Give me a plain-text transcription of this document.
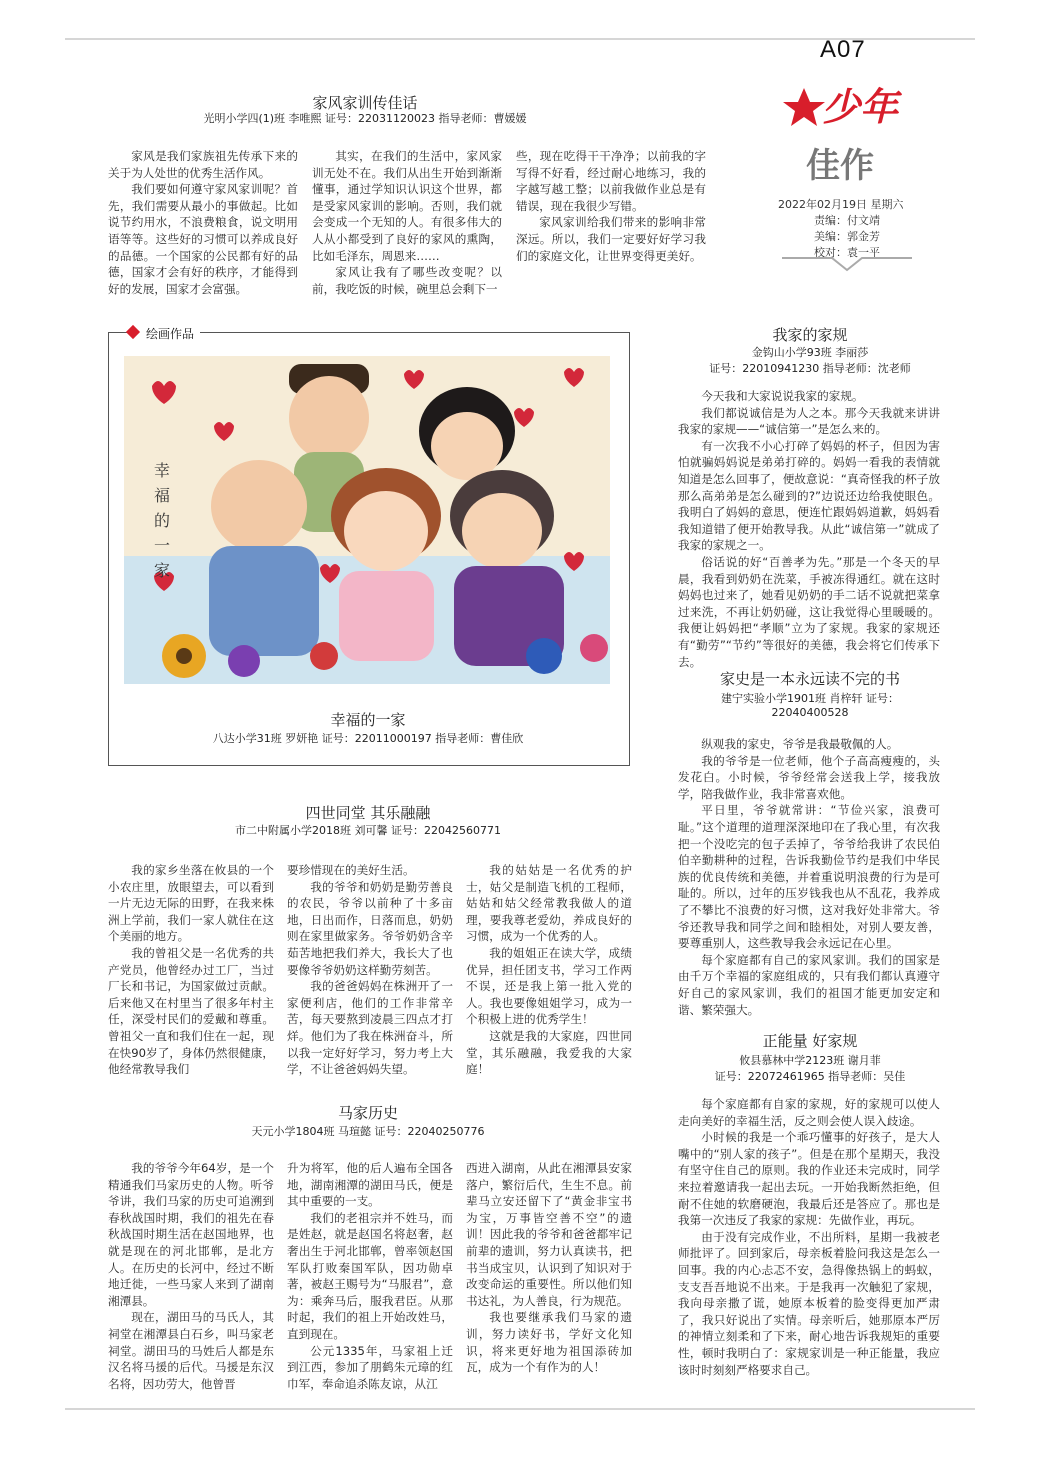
A07
少年
佳作
2022年02月19日 星期六
责编：付文靖
美编：郭金芳
校对：袁一平
家风家训传佳话
光明小学四(1)班 李唯熙 证号：22031120023 指导老师：曹媛媛

家风是我们家族祖先传承下来的关于为人处世的优秀生活作风。

我们要如何遵守家风家训呢？首先，我们需要从最小的事做起。比如说节约用水，不浪费粮食，说文明用语等等。这些好的习惯可以养成良好的品德。一个国家的公民都有好的品德，国家才会有好的秩序，才能得到好的发展，国家才会富强。

其实，在我们的生活中，家风家训无处不在。我们从出生开始到渐渐懂事，通过学知识认识这个世界，都是受家风家训的影响。否则，我们就会变成一个无知的人。有很多伟大的人从小都受到了良好的家风的熏陶，比如毛泽东，周恩来……

家风让我有了哪些改变呢？以前，我吃饭的时候，碗里总会剩下一

些，现在吃得干干净净；以前我的字写得不好看，经过耐心地练习，我的字越写越工整；以前我做作业总是有错误，现在我很少写错。

家风家训给我们带来的影响非常深远。所以，我们一定要好好学习我们的家庭文化，让世界变得更美好。

绘画作品
幸
福
的
一
家
幸福的一家
八达小学31班 罗妍艳 证号：22011000197 指导老师：曹佳欣
我家的家规
金钩山小学93班 李丽莎
证号：22010941230 指导老师：沈老师

今天我和大家说说我家的家规。

我们都说诚信是为人之本。那今天我就来讲讲我家的家规——“诚信第一”是怎么来的。

有一次我不小心打碎了妈妈的杯子，但因为害怕就骗妈妈说是弟弟打碎的。妈妈一看我的表情就知道是怎么回事了，便故意说：“真奇怪我的杯子放那么高弟弟是怎么碰到的?”边说还边给我使眼色。我明白了妈妈的意思，便连忙跟妈妈道歉，妈妈看我知道错了便开始教导我。从此“诚信第一”就成了我家的家规之一。

俗话说的好“百善孝为先。”那是一个冬天的早晨，我看到奶奶在洗菜，手被冻得通红。就在这时妈妈也过来了，她看见奶奶的手二话不说就把菜拿过来洗，不再让奶奶碰，这让我觉得心里暖暖的。我便让妈妈把“孝顺”立为了家规。我家的家规还有“勤劳”“节约”等很好的美德，我会将它们传承下去。

家史是一本永远读不完的书
建宁实验小学1901班 肖梓轩 证号：
22040400528

纵观我的家史，爷爷是我最敬佩的人。

我的爷爷是一位老师，他个子高高瘦瘦的，头发花白。小时候，爷爷经常会送我上学，接我放学，陪我做作业，我非常喜欢他。

平日里，爷爷就常讲：“节俭兴家，浪费可耻。”这个道理的道理深深地印在了我心里，有次我把一个没吃完的包子丢掉了，爷爷给我讲了农民伯伯辛勤耕种的过程，告诉我勤俭节约是我们中华民族的优良传统和美德，并着重说明浪费的行为是可耻的。所以，过年的压岁钱我也从不乱花，我养成了不攀比不浪费的好习惯，这对我好处非常大。爷爷还教导我和同学之间和睦相处，对别人要友善，要尊重别人，这些教导我会永远记在心里。

每个家庭都有自己的家风家训。我们的国家是由千万个幸福的家庭组成的，只有我们都认真遵守好自己的家风家训，我们的祖国才能更加安定和谐、繁荣强大。

正能量 好家规
攸县慕林中学2123班 谢月菲
证号：22072461965 指导老师：吴佳

每个家庭都有自家的家规，好的家规可以使人走向美好的幸福生活，反之则会使人误入歧途。

小时候的我是一个乖巧懂事的好孩子，是大人嘴中的“别人家的孩子”。但是在那个星期天，我没有坚守住自己的原则。我的作业还未完成时，同学来拉着邀请我一起出去玩。一开始我断然拒绝，但耐不住她的软磨硬泡，我最后还是答应了。那也是我第一次违反了我家的家规：先做作业，再玩。

由于没有完成作业，不出所料，星期一我被老师批评了。回到家后，母亲板着脸问我这是怎么一回事。我的内心忐忑不安，急得像热锅上的蚂蚁，支支吾吾地说不出来。于是我再一次触犯了家规，我向母亲撒了谎，她原本板着的脸变得更加严肃了，我只好说出了实情。母亲听后，她那原本严厉的神情立刻柔和了下来，耐心地告诉我规矩的重要性，顿时我明白了：家规家训是一种正能量，我应该时时刻刻严格要求自己。

四世同堂 其乐融融
市二中附属小学2018班 刘可馨 证号：22042560771

我的家乡坐落在攸县的一个小农庄里，放眼望去，可以看到一片无边无际的田野，在我来株洲上学前，我们一家人就住在这个美丽的地方。

我的曾祖父是一名优秀的共产党员，他曾经办过工厂，当过厂长和书记，为国家做过贡献。后来他又在村里当了很多年村主任，深受村民们的爱戴和尊重。曾祖父一直和我们住在一起，现在快90岁了，身体仍然很健康，他经常教导我们

要珍惜现在的美好生活。

我的爷爷和奶奶是勤劳善良的农民，爷爷以前种了十多亩地，日出而作，日落而息，奶奶则在家里做家务。爷爷奶奶含辛茹苦地把我们养大，我长大了也要像爷爷奶奶这样勤劳刻苦。

我的爸爸妈妈在株洲开了一家便利店，他们的工作非常辛苦，每天要熬到凌晨三四点才打烊。他们为了我在株洲奋斗，所以我一定好好学习，努力考上大学，不让爸爸妈妈失望。

我的姑姑是一名优秀的护士，姑父是制造飞机的工程师，姑姑和姑父经常教我做人的道理，要我尊老爱幼，养成良好的习惯，成为一个优秀的人。

我的姐姐正在读大学，成绩优异，担任团支书，学习工作两不误，还是我上第一批入党的人。我也要像姐姐学习，成为一个积极上进的优秀学生！

这就是我的大家庭，四世同堂，其乐融融，我爱我的大家庭！

马家历史
天元小学1804班 马瑄懿 证号：22040250776

我的爷爷今年64岁，是一个精通我们马家历史的人物。听爷爷讲，我们马家的历史可追溯到春秋战国时期，我们的祖先在春秋战国时期生活在赵国地界，也就是现在的河北邯郸，是北方人。在历史的长河中，经过不断地迁徙，一些马家人来到了湖南湘潭县。

现在，湖田马的马氏人，其祠堂在湘潭县白石乡，叫马家老祠堂。湖田马的马姓后人都是东汉名将马援的后代。马援是东汉名将，因功劳大，他曾晋

升为将军，他的后人遍布全国各地，湖南湘潭的湖田马氏，便是其中重要的一支。

我们的老祖宗并不姓马，而是姓赵，就是赵国名将赵奢，赵奢出生于河北邯郸，曾率领赵国军队打败秦国军队，因功勋卓著，被赵王赐号为“马服君”，意为：乘奔马后，服我君臣。从那时起，我们的祖上开始改姓马，直到现在。

公元1335年，马家祖上迁到江西，参加了朋鹤朱元璋的红巾军，奉命追杀陈友谅，从江

西进入湖南，从此在湘潭县安家落户，繁衍后代，生生不息。前辈马立安还留下了“黄金非宝书为宝，万事皆空善不空”的遗训！因此我的爷爷和爸爸都牢记前辈的遗训，努力认真读书，把书当成宝贝，认识到了知识对于改变命运的重要性。所以他们知书达礼，为人善良，行为规范。

我也要继承我们马家的遗训，努力读好书，学好文化知识，将来更好地为祖国添砖加瓦，成为一个有作为的人！
